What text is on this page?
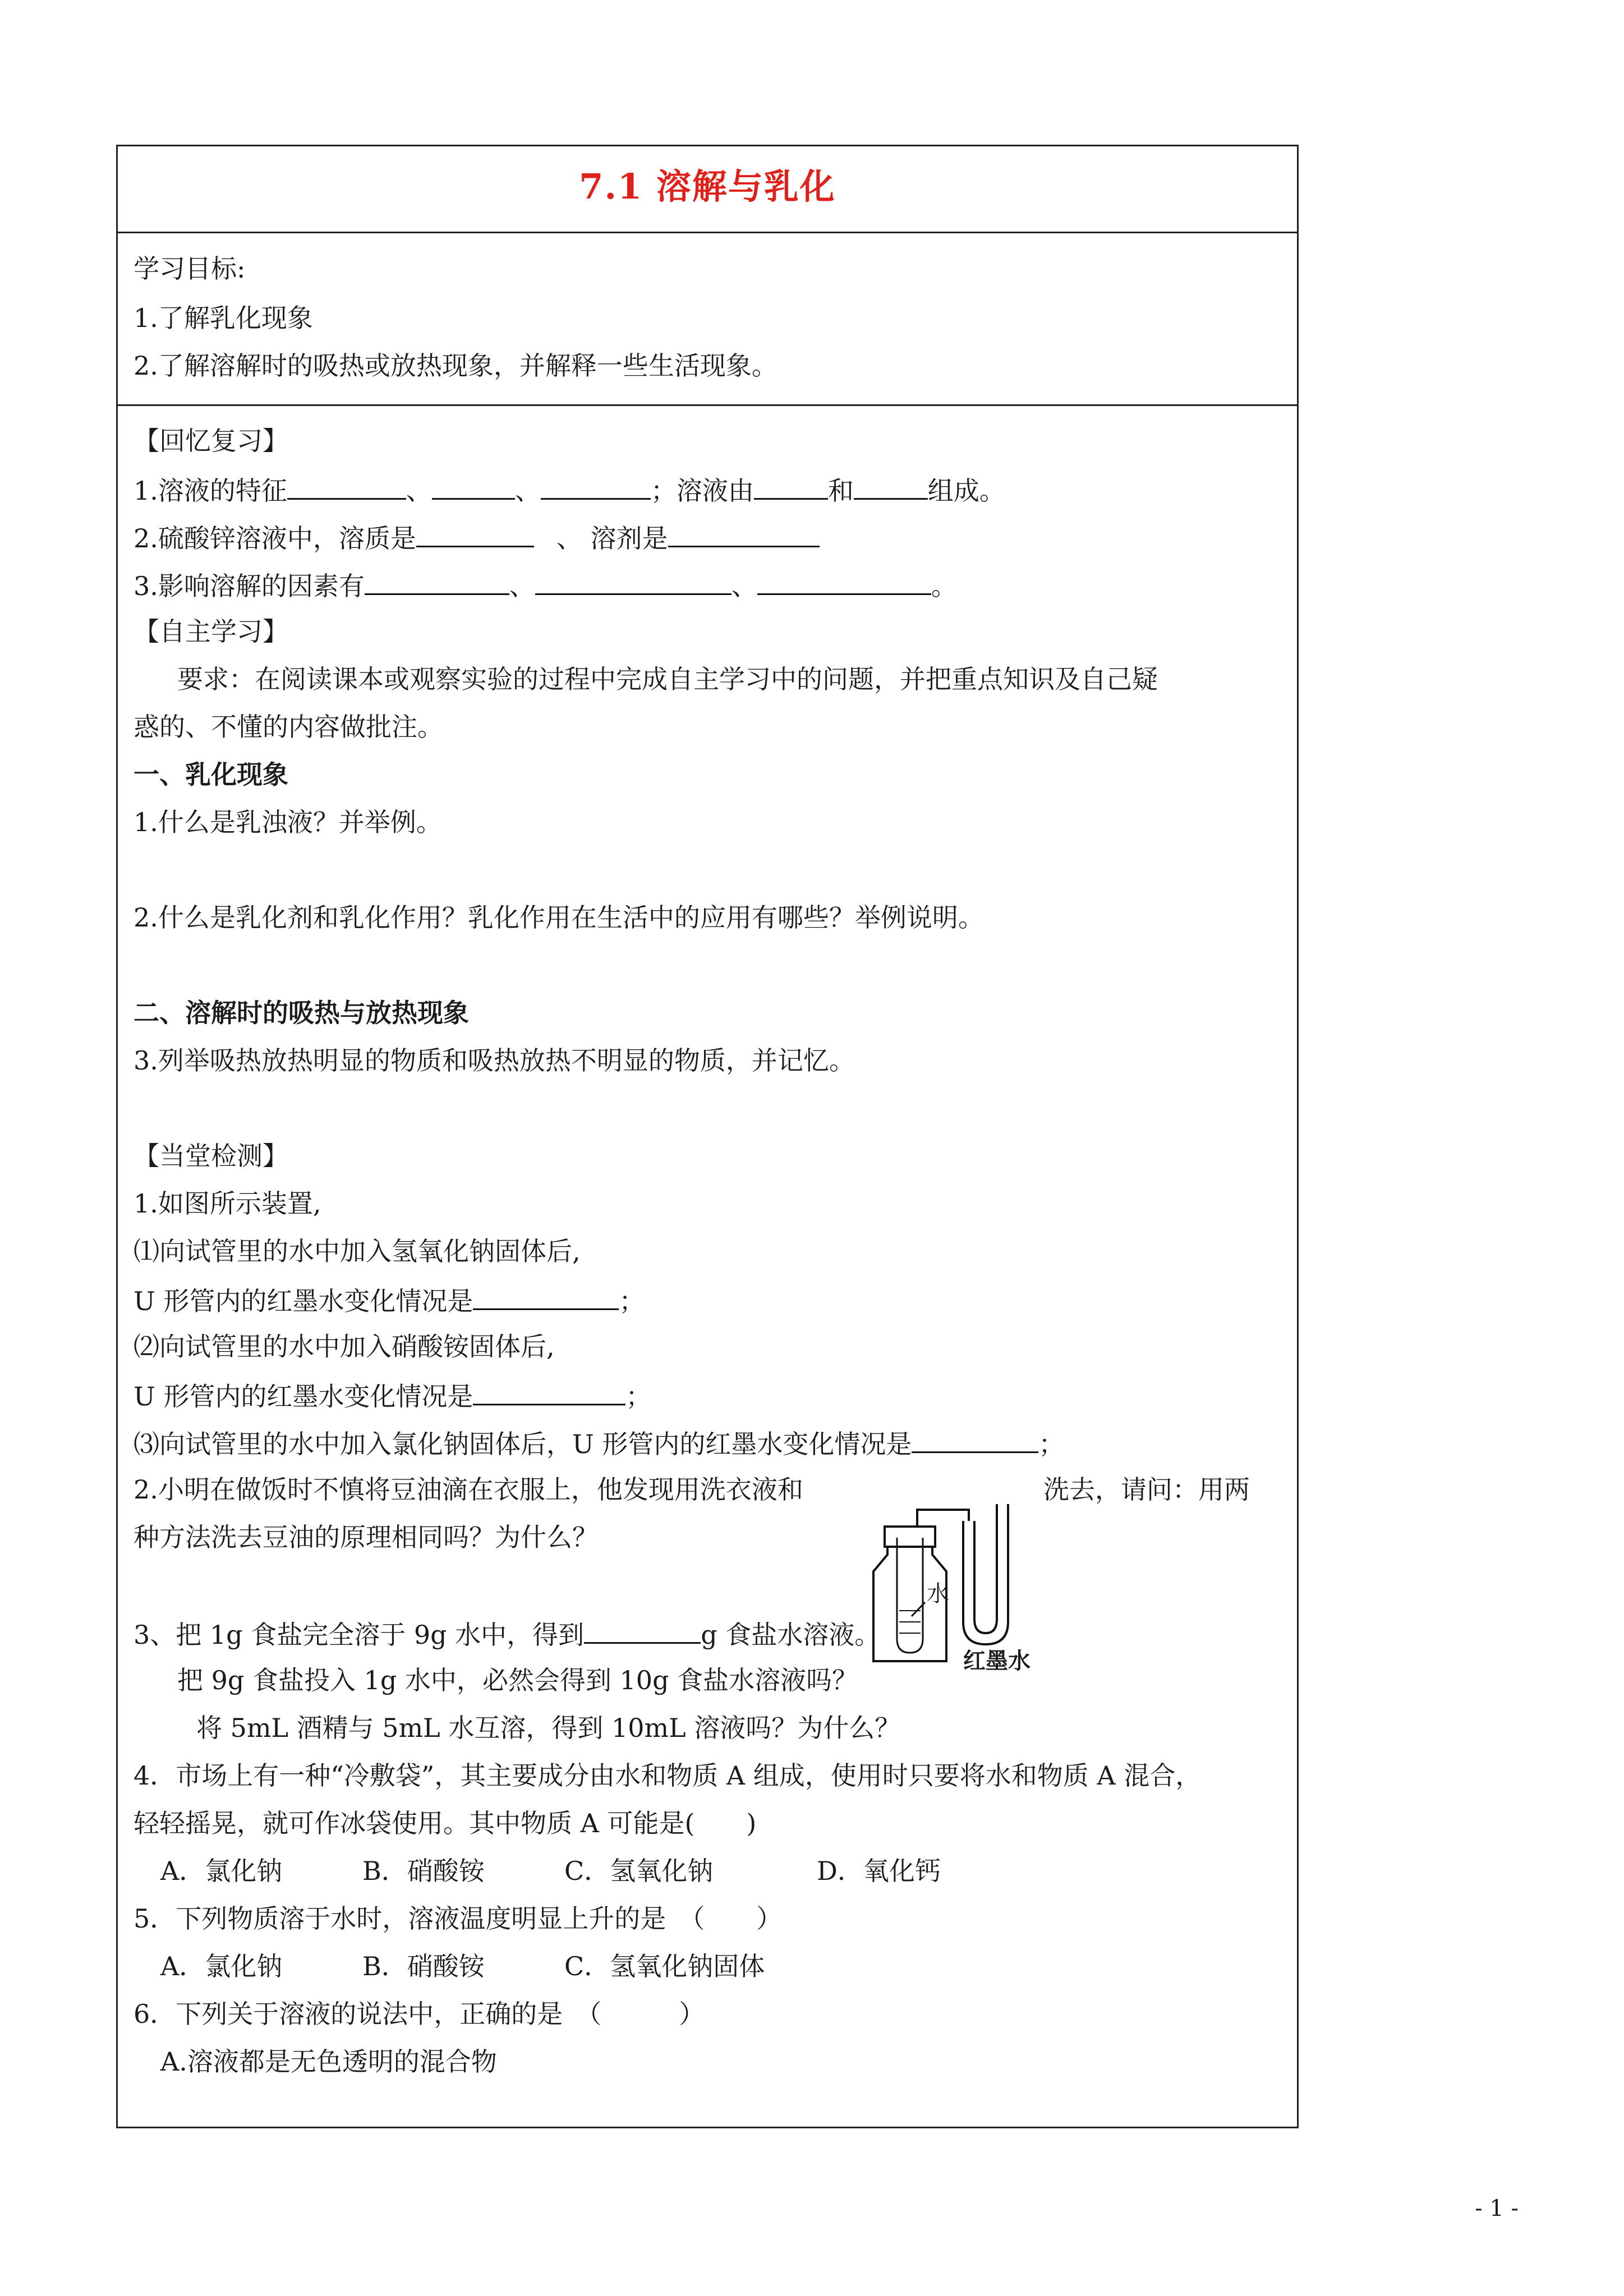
7.1 溶解与乳化
学习目标:
1.了解乳化现象
2.了解溶解时的吸热或放热现象，并解释一些生活现象。
【回忆复习】
1.溶液的特征	、	、	；溶液由	和	组成。
2.硫酸锌溶液中，溶质是	、 溶剂是
3.影响溶解的因素有	、	、	。
【自主学习】
要求：在阅读课本或观察实验的过程中完成自主学习中的问题，并把重点知识及自己疑
惑的、不懂的内容做批注。
一、乳化现象
1.什么是乳浊液？并举例。
2.什么是乳化剂和乳化作用？乳化作用在生活中的应用有哪些？举例说明。
二、溶解时的吸热与放热现象
3.列举吸热放热明显的物质和吸热放热不明显的物质，并记忆。
【当堂检测】
1.如图所示装置,
⑴向试管里的水中加入氢氧化钠固体后,
U 形管内的红墨水变化情况是	；
⑵向试管里的水中加入硝酸铵固体后,
U 形管内的红墨水变化情况是	；
⑶向试管里的水中加入氯化钠固体后，U 形管内的红墨水变化情况是	；
2.小明在做饭时不慎将豆油滴在衣服上，他发现用洗衣液和	洗去，请问：用两
种方法洗去豆油的原理相同吗？为什么？
3、把 1g 食盐完全溶于 9g 水中，得到	g 食盐水溶液。
把 9g 食盐投入 1g 水中，必然会得到 10g 食盐水溶液吗？
将 5mL 酒精与 5mL 水互溶，得到 10mL 溶液吗？为什么？
4．市场上有一种“冷敷袋”，其主要成分由水和物质 A 组成，使用时只要将水和物质 A 混合，
轻轻摇晃，就可作冰袋使用。其中物质 A 可能是(　　)
A．氯化钠	B．硝酸铵	C．氢氧化钠	D．氧化钙
5．下列物质溶于水时，溶液温度明显上升的是　（　　）
A．氯化钠	B．硝酸铵	C．氢氧化钠固体
6．下列关于溶液的说法中，正确的是　（　　　）
A.溶液都是无色透明的混合物
水
红墨水
- 1 -
